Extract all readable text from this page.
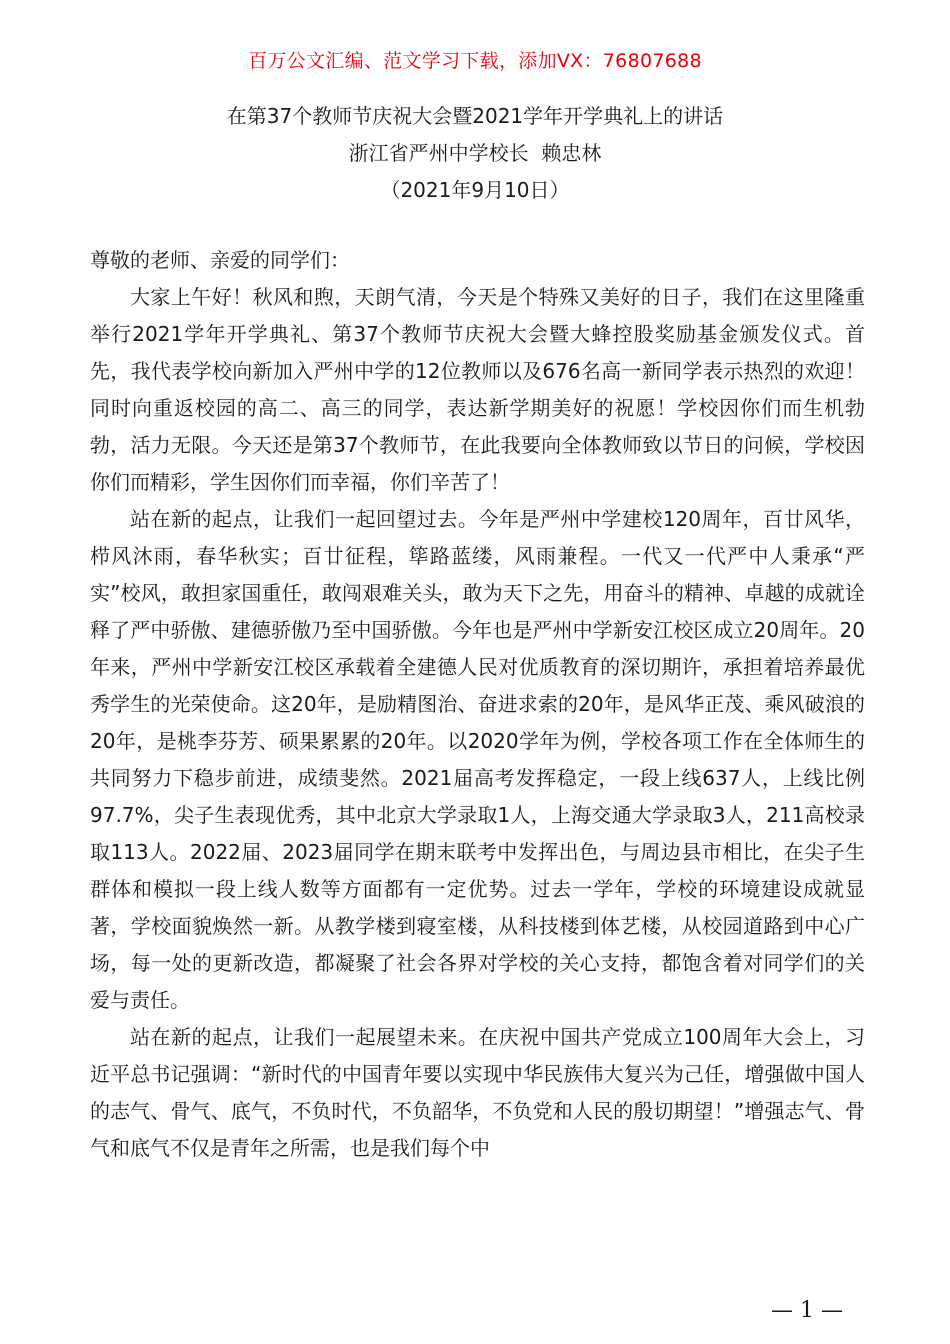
百万公文汇编、范文学习下载，添加VX：76807688
在第37个教师节庆祝大会暨2021学年开学典礼上的讲话
浙江省严州中学校长  赖忠林
（2021年9月10日）

尊敬的老师、亲爱的同学们：

大家上午好！秋风和煦，天朗气清，今天是个特殊又美好的日子，我们在这里隆重举行2021学年开学典礼、第37个教师节庆祝大会暨大蜂控股奖励基金颁发仪式。首先，我代表学校向新加入严州中学的12位教师以及676名高一新同学表示热烈的欢迎！同时向重返校园的高二、高三的同学，表达新学期美好的祝愿！学校因你们而生机勃勃，活力无限。今天还是第37个教师节，在此我要向全体教师致以节日的问候，学校因你们而精彩，学生因你们而幸福，你们辛苦了！

站在新的起点，让我们一起回望过去。今年是严州中学建校120周年，百廿风华，栉风沐雨，春华秋实；百廿征程，筚路蓝缕，风雨兼程。一代又一代严中人秉承“严实”校风，敢担家国重任，敢闯艰难关头，敢为天下之先，用奋斗的精神、卓越的成就诠释了严中骄傲、建德骄傲乃至中国骄傲。今年也是严州中学新安江校区成立20周年。20年来，严州中学新安江校区承载着全建德人民对优质教育的深切期许，承担着培养最优秀学生的光荣使命。这20年，是励精图治、奋进求索的20年，是风华正茂、乘风破浪的20年，是桃李芬芳、硕果累累的20年。以2020学年为例，学校各项工作在全体师生的共同努力下稳步前进，成绩斐然。2021届高考发挥稳定，一段上线637人，上线比例97.7%，尖子生表现优秀，其中北京大学录取1人，上海交通大学录取3人，211高校录取113人。2022届、2023届同学在期末联考中发挥出色，与周边县市相比，在尖子生群体和模拟一段上线人数等方面都有一定优势。过去一学年，学校的环境建设成就显著，学校面貌焕然一新。从教学楼到寝室楼，从科技楼到体艺楼，从校园道路到中心广场，每一处的更新改造，都凝聚了社会各界对学校的关心支持，都饱含着对同学们的关爱与责任。

站在新的起点，让我们一起展望未来。在庆祝中国共产党成立100周年大会上，习近平总书记强调：“新时代的中国青年要以实现中华民族伟大复兴为己任，增强做中国人的志气、骨气、底气，不负时代，不负韶华，不负党和人民的殷切期望！”增强志气、骨气和底气不仅是青年之所需，也是我们每个中

— 1 —
